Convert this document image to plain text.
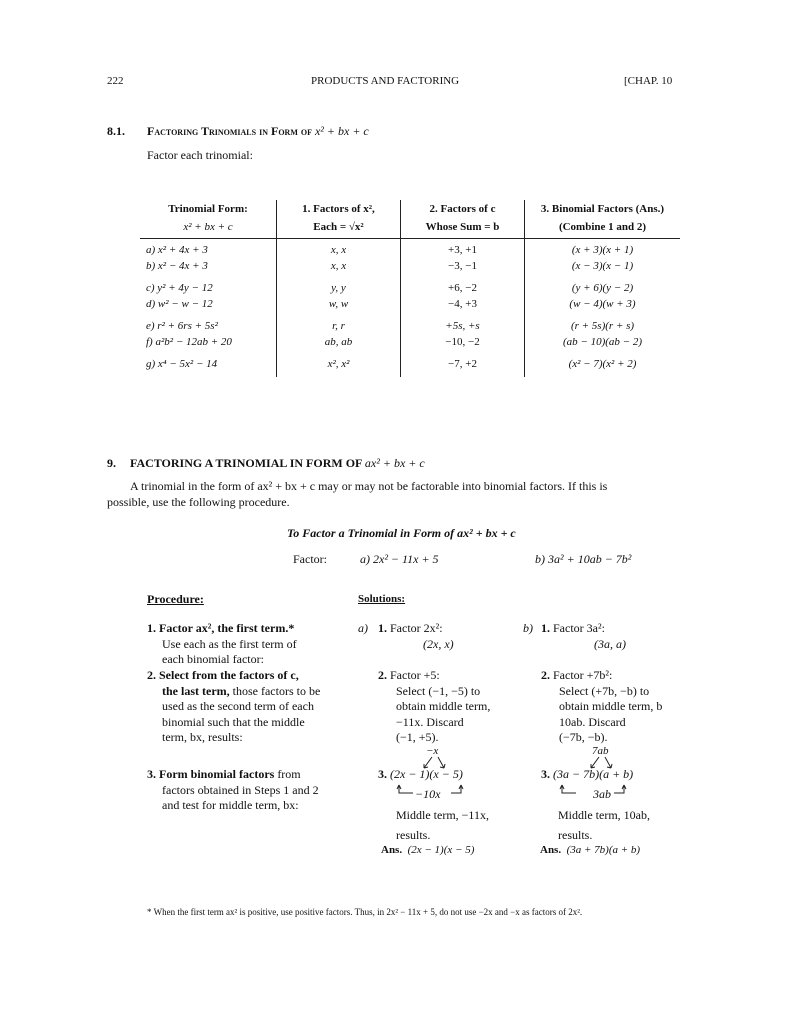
222	PRODUCTS AND FACTORING	[CHAP. 10
8.1. Factoring Trinomials in Form of x² + bx + c
Factor each trinomial:
Trinomial Form:	1. Factors of x²,	2. Factors of c	3. Binomial Factors (Ans.)
x² + bx + c	Each = √x²	Whose Sum = b	(Combine 1 and 2)
a) x² + 4x + 3	x, x	+3, +1	(x + 3)(x + 1)
b) x² − 4x + 3	x, x	−3, −1	(x − 3)(x − 1)
c) y² + 4y − 12	y, y	+6, −2	(y + 6)(y − 2)
d) w² − w − 12	w, w	−4, +3	(w − 4)(w + 3)
e) r² + 6rs + 5s²	r, r	+5s, +s	(r + 5s)(r + s)
f) a²b² − 12ab + 20	ab, ab	−10, −2	(ab − 10)(ab − 2)
g) x⁴ − 5x² − 14	x², x²	−7, +2	(x² − 7)(x² + 2)
9. FACTORING A TRINOMIAL IN FORM OF ax² + bx + c
A trinomial in the form of ax² + bx + c may or may not be factorable into binomial factors. If this is
possible, use the following procedure.
To Factor a Trinomial in Form of ax² + bx + c
Factor:	a) 2x² − 11x + 5	b) 3a² + 10ab − 7b²
Procedure:	Solutions:
1. Factor ax², the first term.*
Use each as the first term of
each binomial factor:
2. Select from the factors of c,
the last term, those factors to be
used as the second term of each
binomial such that the middle
term, bx, results:
3. Form binomial factors from
factors obtained in Steps 1 and 2
and test for middle term, bx:
a) 1. Factor 2x²:
(2x, x)
2. Factor +5:
Select (−1, −5) to
obtain middle term,
−11x. Discard
(−1, +5).
−x
3. (2x − 1)(x − 5)
−10x
Middle term, −11x,
results.
Ans. (2x − 1)(x − 5)
b) 1. Factor 3a²:
(3a, a)
2. Factor +7b²:
Select (+7b, −b) to
obtain middle term, b
10ab. Discard
(−7b, −b).
7ab
3. (3a − 7b)(a + b)
3ab
Middle term, 10ab,
results.
Ans. (3a + 7b)(a + b)
* When the first term ax² is positive, use positive factors. Thus, in 2x² − 11x + 5, do not use −2x and −x as factors of 2x².
